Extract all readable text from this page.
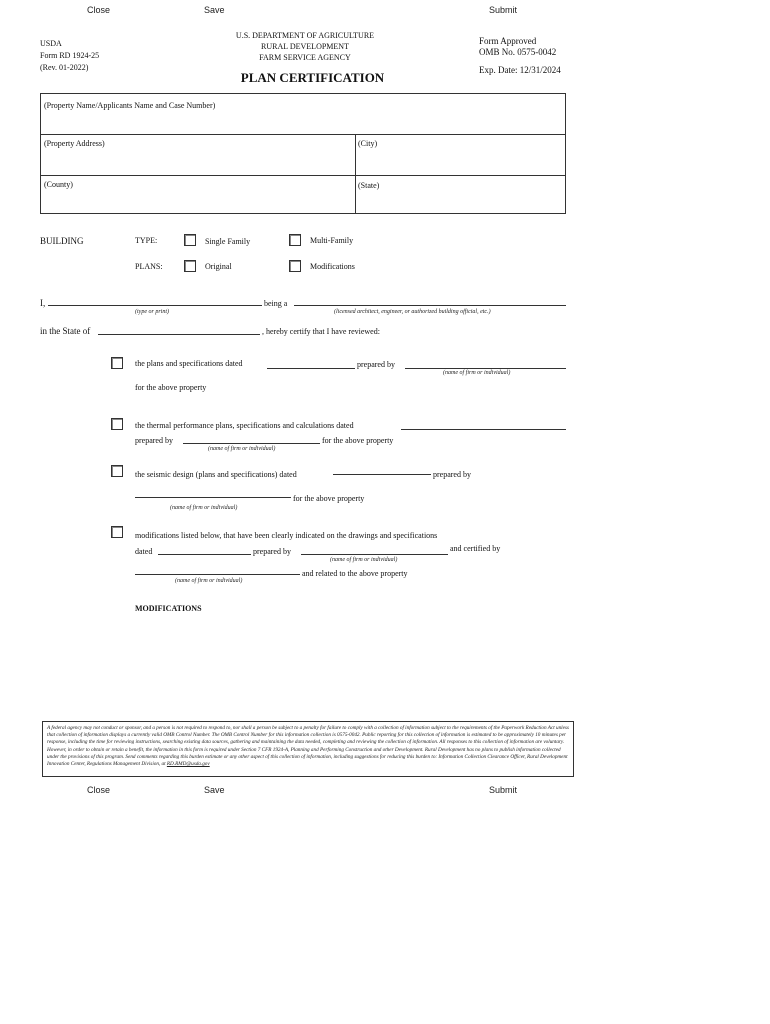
Close	Save	Submit
USDA
Form RD 1924-25
(Rev. 01-2022)
U.S. DEPARTMENT OF AGRICULTURE
RURAL DEVELOPMENT
FARM SERVICE AGENCY
PLAN CERTIFICATION
Form Approved
OMB No. 0575-0042
Exp. Date: 12/31/2024
(Property Name/Applicants Name and Case Number)
(Property Address)	(City)
(County)	(State)
BUILDING	TYPE:	Single Family	Multi-Family
PLANS:	Original	Modifications
I,	being a
(type or print)	(licensed architect, engineer, or authorized building official, etc.)
in the State of	, hereby certify that I have reviewed:
the plans and specifications dated	prepared by
(name of firm or individual)
for the above property
the thermal performance plans, specifications and calculations dated
prepared by	for the above property
(name of firm or individual)
the seismic design (plans and specifications) dated	prepared by
for the above property
(name of firm or individual)
modifications listed below, that have been clearly indicated on the drawings and specifications
dated	prepared by	and certified by
(name of firm or individual)
and related to the above property
(name of firm or individual)
MODIFICATIONS
A federal agency may not conduct or sponsor, and a person is not required to respond to, nor shall a person be subject to a penalty for failure to comply with a collection of information subject to the requirements of the Paperwork Reduction Act unless that collection of information displays a currently valid OMB Control Number. The OMB Control Number for this information collection is 0575-0042. Public reporting for this collection of information is estimated to be approximately 10 minutes per response, including the time for reviewing instructions, searching existing data sources, gathering and maintaining the data needed, completing and reviewing the collection of information. All responses to this collection of information are voluntary. However, in order to obtain or retain a benefit, the information in this form is required under Section 7 CFR 1924-A, Planning and Performing Construction and other Development. Rural Development has no plans to publish information collected under the provisions of this program. Send comments regarding this burden estimate or any other aspect of this collection of information, including suggestions for reducing this burden to: Information Collection Clearance Officer, Rural Development Innovation Center, Regulations Management Division, at RD.RMD@usda.gov
Close	Save	Submit
